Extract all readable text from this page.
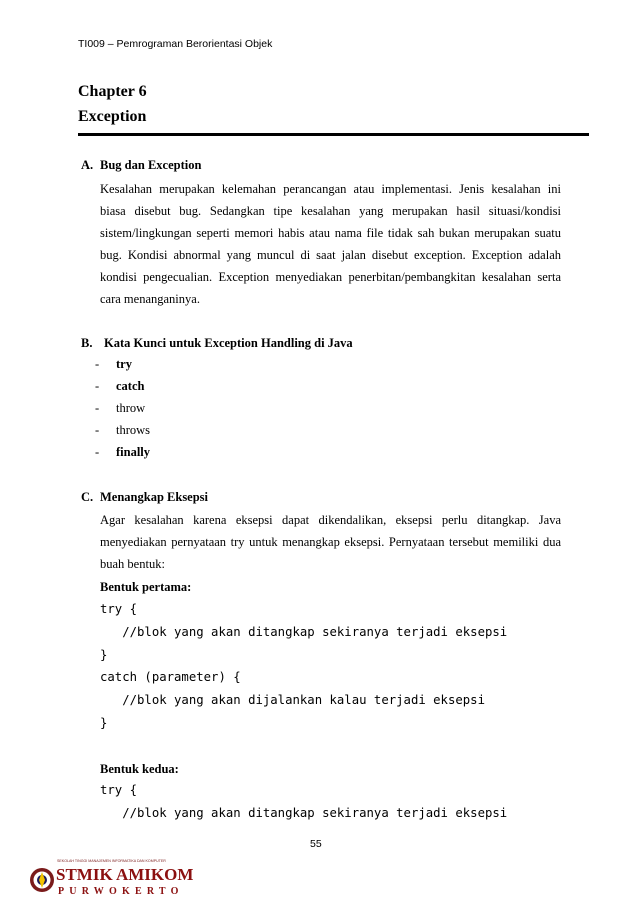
TI009 – Pemrograman Berorientasi Objek
Chapter 6
Exception
A. Bug dan Exception
Kesalahan merupakan kelemahan perancangan atau implementasi. Jenis kesalahan ini
biasa disebut bug. Sedangkan tipe kesalahan yang merupakan hasil situasi/kondisi
sistem/lingkungan seperti memori habis atau nama file tidak sah bukan merupakan suatu
bug. Kondisi abnormal yang muncul di saat jalan disebut exception. Exception adalah
kondisi pengecualian. Exception menyediakan penerbitan/pembangkitan kesalahan serta
cara menanganinya.
B. Kata Kunci untuk Exception Handling di Java
- try
- catch
- throw
- throws
- finally
C. Menangkap Eksepsi
Agar kesalahan karena eksepsi dapat dikendalikan, eksepsi perlu ditangkap. Java
menyediakan pernyataan try untuk menangkap eksepsi. Pernyataan tersebut memiliki dua
buah bentuk:
Bentuk pertama:
try {
//blok yang akan ditangkap sekiranya terjadi eksepsi
}
catch (parameter) {
//blok yang akan dijalankan kalau terjadi eksepsi
}
Bentuk kedua:
try {
//blok yang akan ditangkap sekiranya terjadi eksepsi
55
SEKOLAH TINGGI MANAJEMEN INFORMATIKA DAN KOMPUTER
STMIK AMIKOM
PURWOKERTO
